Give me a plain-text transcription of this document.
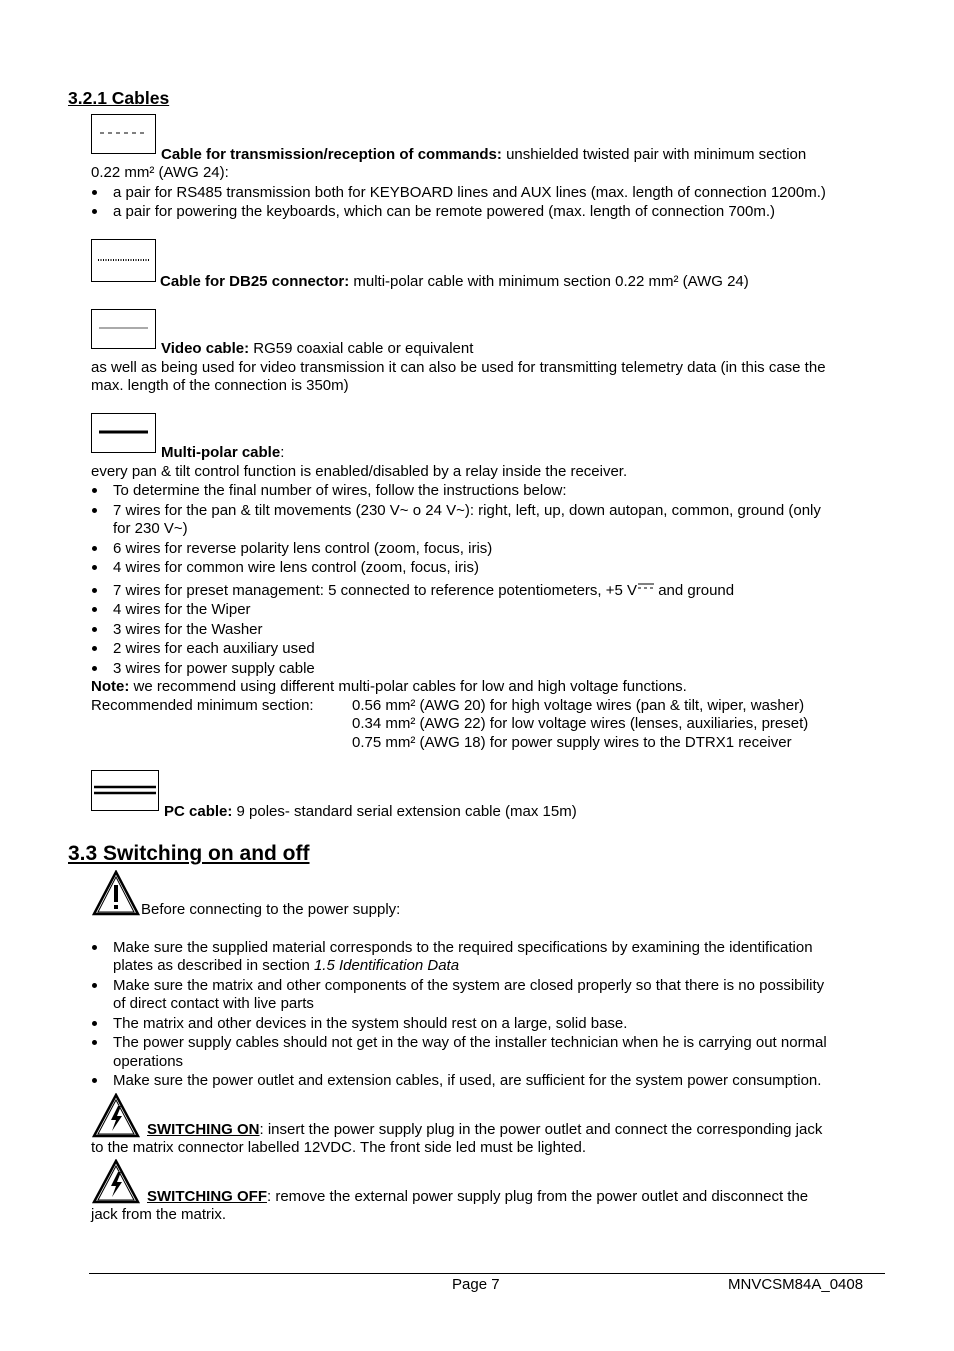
3.2.1 Cables
Cable for transmission/reception of commands: unshielded twisted pair with minimum section
0.22 mm² (AWG 24):
a pair for RS485 transmission both for KEYBOARD lines and AUX lines (max. length of connection 1200m.)
a pair for powering the keyboards, which can be remote powered (max. length of connection 700m.)
Cable for DB25 connector: multi-polar cable with minimum section 0.22 mm² (AWG 24)
Video cable: RG59 coaxial cable or equivalent
as well as being used for video transmission it can also be used for transmitting telemetry data (in this case the
max. length of the connection is 350m)
Multi-polar cable:
every pan & tilt control function is enabled/disabled by a relay inside the receiver.
To determine the final number of wires, follow the instructions below:
7 wires for the pan & tilt movements (230 V~ o 24 V~): right, left, up, down autopan, common, ground (only
for 230 V~)
6 wires for reverse polarity lens control (zoom, focus, iris)
4 wires for common wire lens control (zoom, focus, iris)
7 wires for preset management: 5 connected to reference potentiometers, +5 V and ground
4 wires for the Wiper
3 wires for the Washer
2 wires for each auxiliary used
3 wires for power supply cable
Note: we recommend using different multi-polar cables for low and high voltage functions.
Recommended minimum section:	0.56 mm² (AWG 20) for high voltage wires (pan & tilt, wiper, washer)
0.34 mm² (AWG 22) for low voltage wires (lenses, auxiliaries, preset)
0.75 mm² (AWG 18) for power supply wires to the DTRX1 receiver
PC cable: 9 poles- standard serial extension cable (max 15m)
3.3 Switching on and off
Before connecting to the power supply:
Make sure the supplied material corresponds to the required specifications by examining the identification
plates as described in section 1.5 Identification Data
Make sure the matrix and other components of the system are closed properly so that there is no possibility
of direct contact with live parts
The matrix and other devices in the system should rest on a large, solid base.
The power supply cables should not get in the way of the installer technician when he is carrying out normal
operations
Make sure the power outlet and extension cables, if used, are sufficient for the system power consumption.
SWITCHING ON: insert the power supply plug in the power outlet and connect the corresponding jack
to the matrix connector labelled 12VDC. The front side led must be lighted.
SWITCHING OFF: remove the external power supply plug from the power outlet and disconnect the
jack from the matrix.
Page 7	MNVCSM84A_0408
